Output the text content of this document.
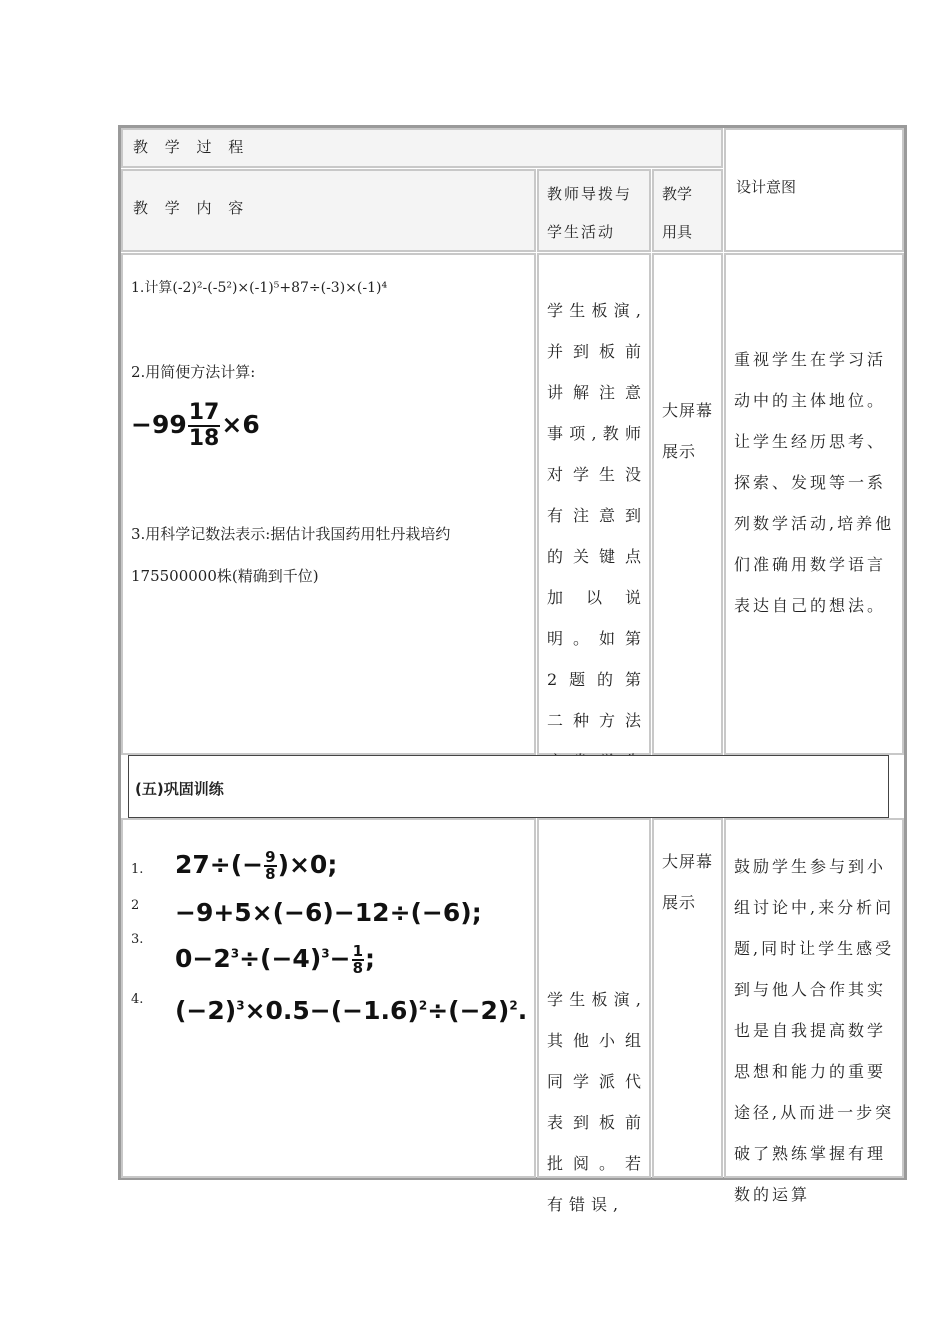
教 学 过 程
设计意图
教 学 内 容
教师导拨与学生活动
教学用具
1.计算(-2)²-(-5²)×(-1)⁵+87÷(-3)×(-1)⁴
2.用简便方法计算:
$-99 \frac{17}{18} \times 6$
3.用科学记数法表示:据估计我国药用牡丹栽培约
175500000株(精确到千位)
学生板演,并到板前讲解注意事项,教师对学生没有注意到的关键点加以说明。如第2题的第二种方法
大屏幕展示
重视学生在学习活动中的主体地位。让学生经历思考、探索、发现等一系列数学活动,培养他们准确用数学语言表达自己的想法。
(五)巩固训练
1. $27\div(- \frac{9}{8} )\times 0$;
2 −9+5×(−6)−12÷(−6);
3.
$0-2^3\div(-4)^3- \frac{1}{8}$ ;
4. $(-2)^3\times 0.5-(-1.6)^2\div(-2)^2$. 学生板演,其他小组同学派代表到板前批阅。若有错误,
大屏幕展示
鼓励学生参与到小组讨论中,来分析问题,同时让学生感受到与他人合作其实也是自我提高数学思想和能力的重要途径,从而进一步突破了熟练掌握有理数的运算
